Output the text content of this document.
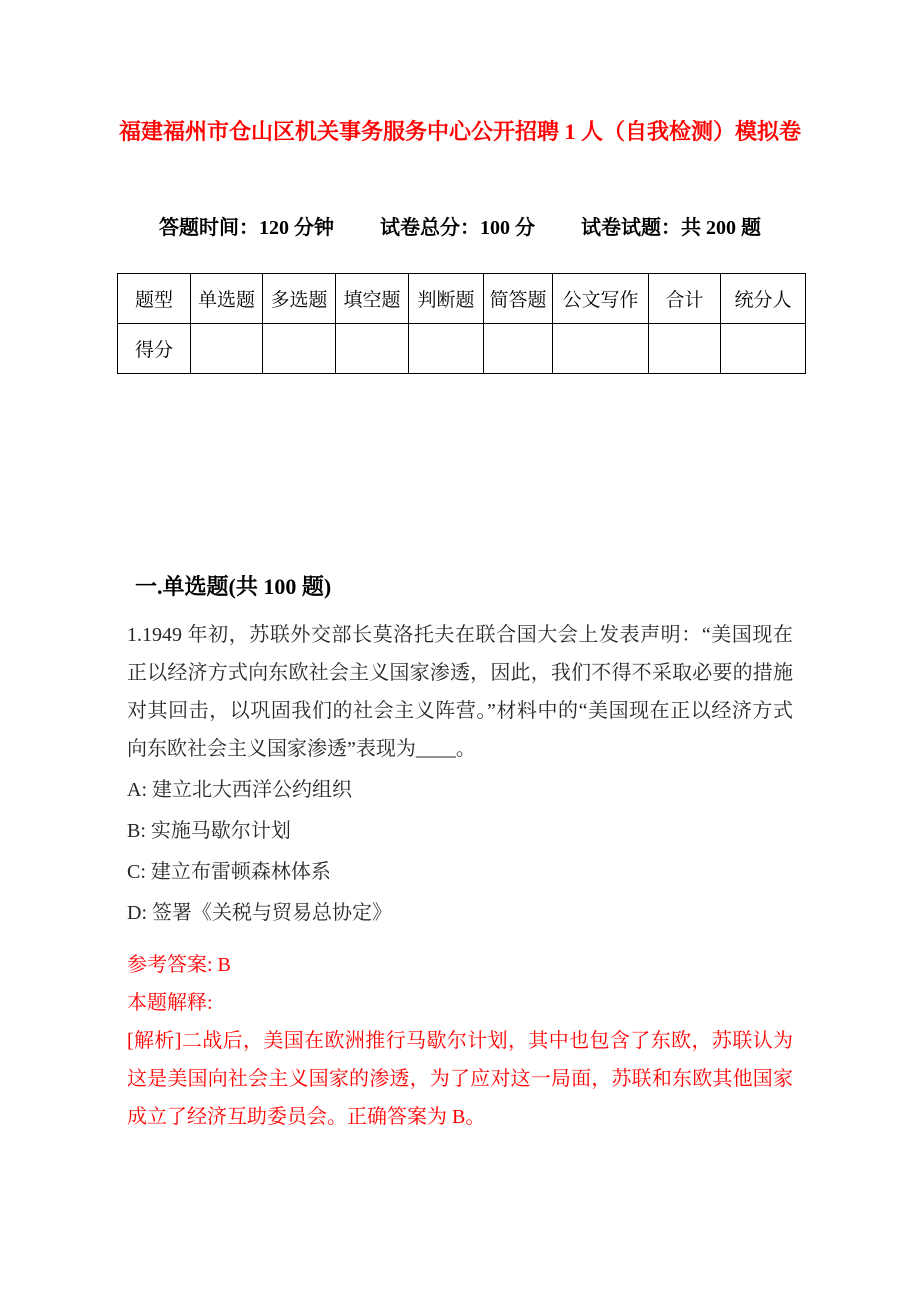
福建福州市仓山区机关事务服务中心公开招聘 1 人（自我检测）模拟卷
答题时间：120 分钟 试卷总分：100 分 试卷试题：共 200 题
题型	单选题	多选题	填空题	判断题	简答题	公文写作	合计	统分人
得分								
一.单选题(共 100 题)

1.1949 年初，苏联外交部长莫洛托夫在联合国大会上发表声明：“美国现在正以经济方式向东欧社会主义国家渗透，因此，我们不得不采取必要的措施对其回击，以巩固我们的社会主义阵营。”材料中的“美国现在正以经济方式向东欧社会主义国家渗透”表现为____。

A: 建立北大西洋公约组织
B: 实施马歇尔计划
C: 建立布雷顿森林体系
D: 签署《关税与贸易总协定》
参考答案: B
本题解释:

[解析]二战后，美国在欧洲推行马歇尔计划，其中也包含了东欧，苏联认为这是美国向社会主义国家的渗透，为了应对这一局面，苏联和东欧其他国家成立了经济互助委员会。正确答案为 B。
